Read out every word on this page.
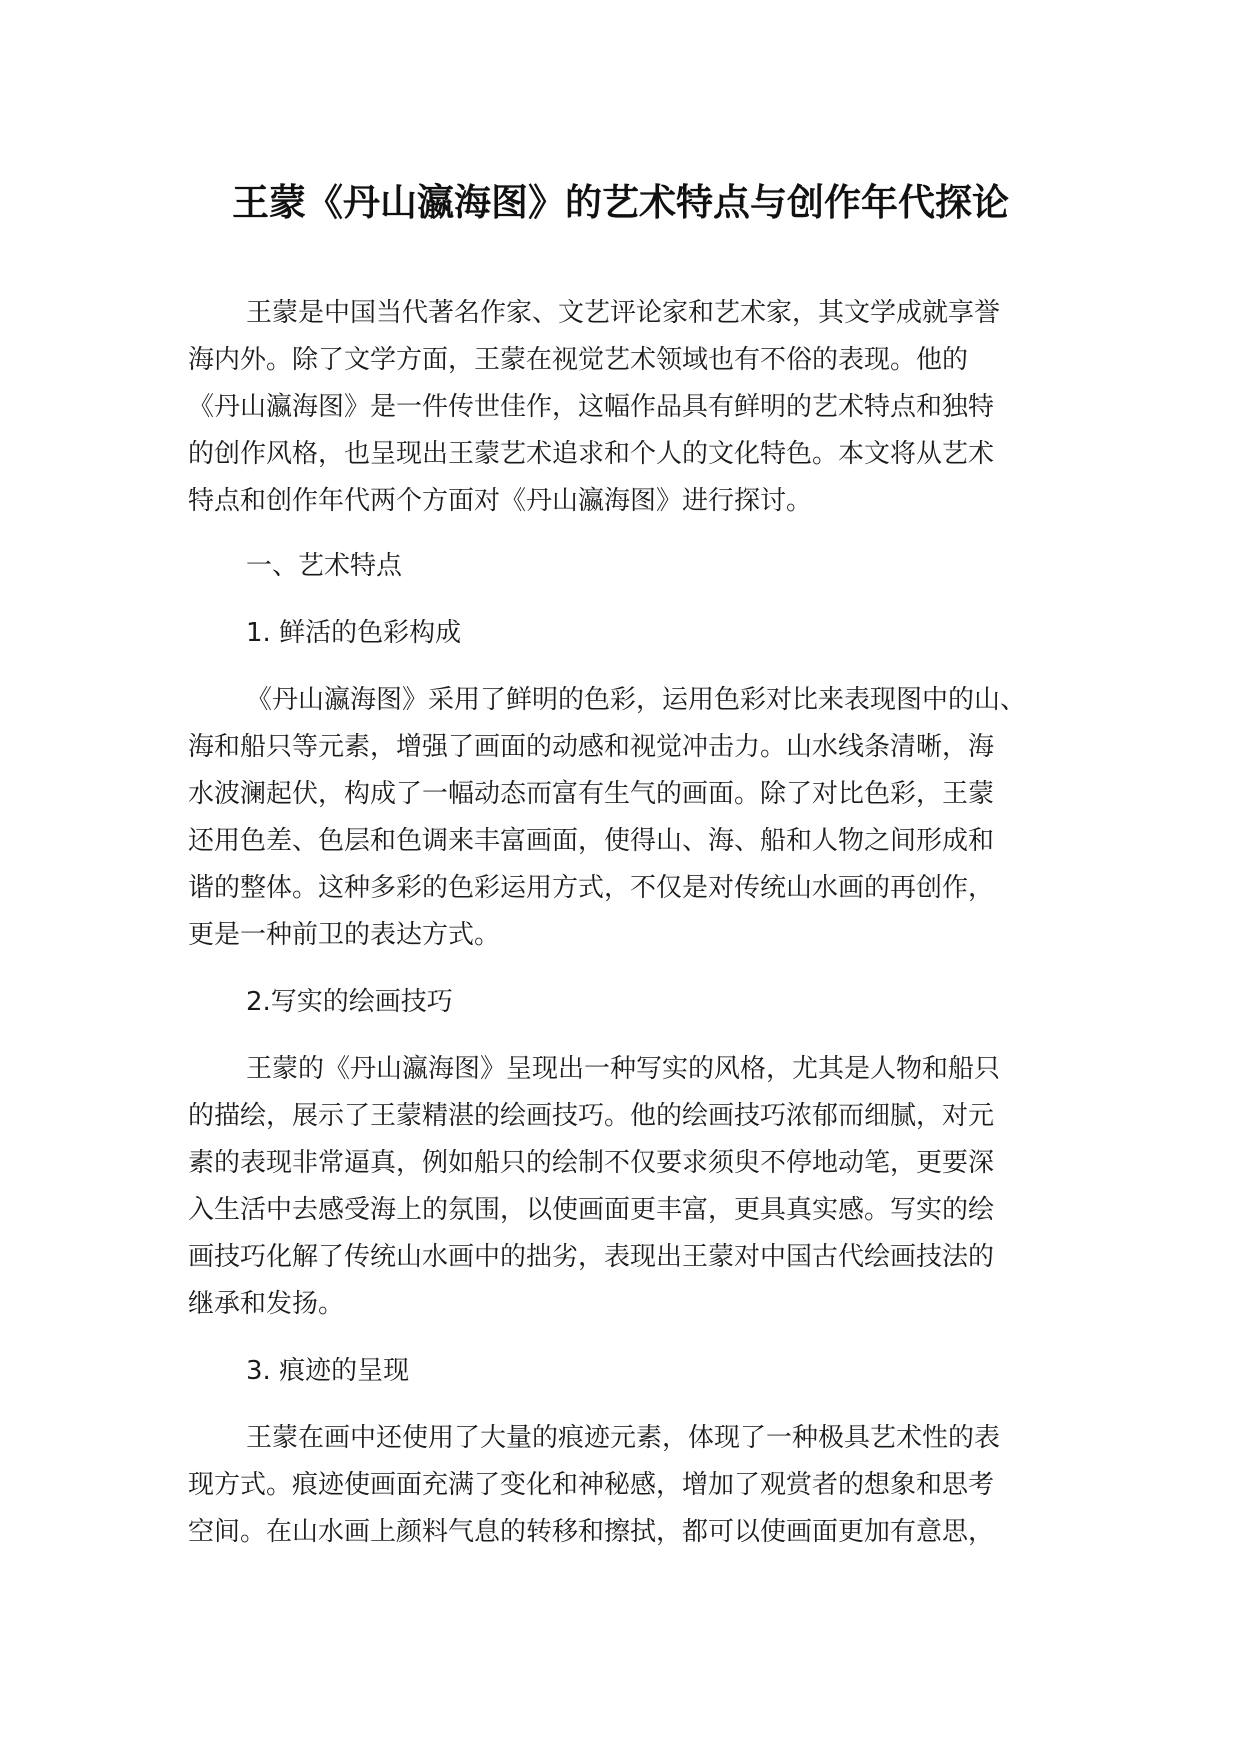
王蒙《丹山瀛海图》的艺术特点与创作年代探论
王蒙是中国当代著名作家、文艺评论家和艺术家，其文学成就享誉
海内外。除了文学方面，王蒙在视觉艺术领域也有不俗的表现。他的
《丹山瀛海图》是一件传世佳作，这幅作品具有鲜明的艺术特点和独特
的创作风格，也呈现出王蒙艺术追求和个人的文化特色。本文将从艺术
特点和创作年代两个方面对《丹山瀛海图》进行探讨。
一、艺术特点
1. 鲜活的色彩构成
《丹山瀛海图》采用了鲜明的色彩，运用色彩对比来表现图中的山、
海和船只等元素，增强了画面的动感和视觉冲击力。山水线条清晰，海
水波澜起伏，构成了一幅动态而富有生气的画面。除了对比色彩，王蒙
还用色差、色层和色调来丰富画面，使得山、海、船和人物之间形成和
谐的整体。这种多彩的色彩运用方式，不仅是对传统山水画的再创作，
更是一种前卫的表达方式。
2.写实的绘画技巧
王蒙的《丹山瀛海图》呈现出一种写实的风格，尤其是人物和船只
的描绘，展示了王蒙精湛的绘画技巧。他的绘画技巧浓郁而细腻，对元
素的表现非常逼真，例如船只的绘制不仅要求须臾不停地动笔，更要深
入生活中去感受海上的氛围，以使画面更丰富，更具真实感。写实的绘
画技巧化解了传统山水画中的拙劣，表现出王蒙对中国古代绘画技法的
继承和发扬。
3. 痕迹的呈现
王蒙在画中还使用了大量的痕迹元素，体现了一种极具艺术性的表
现方式。痕迹使画面充满了变化和神秘感，增加了观赏者的想象和思考
空间。在山水画上颜料气息的转移和擦拭，都可以使画面更加有意思，
